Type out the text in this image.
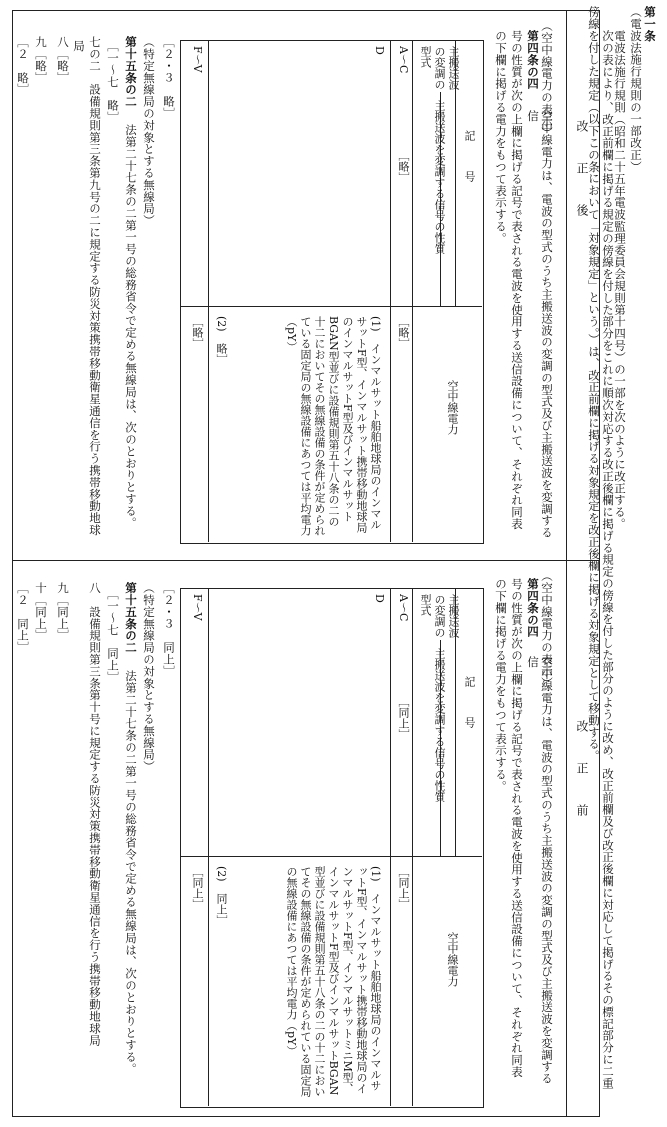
第一条
（電波法施行規則の一部改正）
電波法施行規則（昭和二十五年電波監理委員会規則第十四号）の一部を次のように改正する。
次の表により、改正前欄に掲げる規定の傍線を付した部分をこれに順次対応する改正後欄に掲げる規定の傍線を付した部分のように改め、改正前欄及び改正後欄に対応して掲げるその標記部分に二重
傍線を付した規定（以下この条において「対象規定」という。）は、改正前欄に掲げる対象規定を改正後欄に掲げる対象規定として移動する。
改正後
（空中線電力の表示）
第四条の四
空中線電力は、電波の型式のうち主搬送波の変調の型式及び主搬送波を変調する信
号の性質が次の上欄に掲げる記号で表される電波を使用する送信設備について、それぞれ同表
の下欄に掲げる電力をもつて表示する。
記号
空中線電力
主搬送波の変調の型式
主搬送波を変調する信号の性質
A〜C
［略］
［略］
D
(1)　インマルサット船舶地球局のインマルサットF型、インマルサット携帯移動地球局のインマルサットF型及びインマルサットBGAN型並びに設備規則第五十八条の二の十二においてその無線設備の条件が定められている固定局の無線設備にあつては平均電力（pY）
(2)　略］
F〜V
［略］
［２・３　略］
（特定無線局の対象とする無線局）
第十五条の二
法第二十七条の二第一号の総務省令で定める無線局は、次のとおりとする。
［一〜七　略］
七の二　設備規則第三条第九号の二に規定する防災対策携帯移動衛星通信を行う携帯移動地球
局
八［略］
九［略］
［２　略］
改正前
（空中線電力の表示）
第四条の四
空中線電力は、電波の型式のうち主搬送波の変調の型式及び主搬送波を変調する信
号の性質が次の上欄に掲げる記号で表される電波を使用する送信設備について、それぞれ同表
の下欄に掲げる電力をもつて表示する。
記号
空中線電力
主搬送波の変調の型式
主搬送波を変調する信号の性質
A〜C
［同上］
［同上］
D
(1)　インマルサット船舶地球局のインマルサットF型、インマルサット携帯移動地球局のインマルサットF型、インマルサットミニM型、インマルサットF型及びインマルサットBGAN型並びに設備規則第五十八条の二の十二においてその無線設備の条件が定められている固定局の無線設備にあつては平均電力（pY）
(2)　同上］
F〜V
［同上］
［２・３　同上］
（特定無線局の対象とする無線局）
第十五条の二
法第二十七条の二第一号の総務省令で定める無線局は、次のとおりとする。
［一〜七　同上］
八　設備規則第三条第十号に規定する防災対策携帯移動衛星通信を行う携帯移動地球局
九［同上］
十［同上］
［２　同上］
